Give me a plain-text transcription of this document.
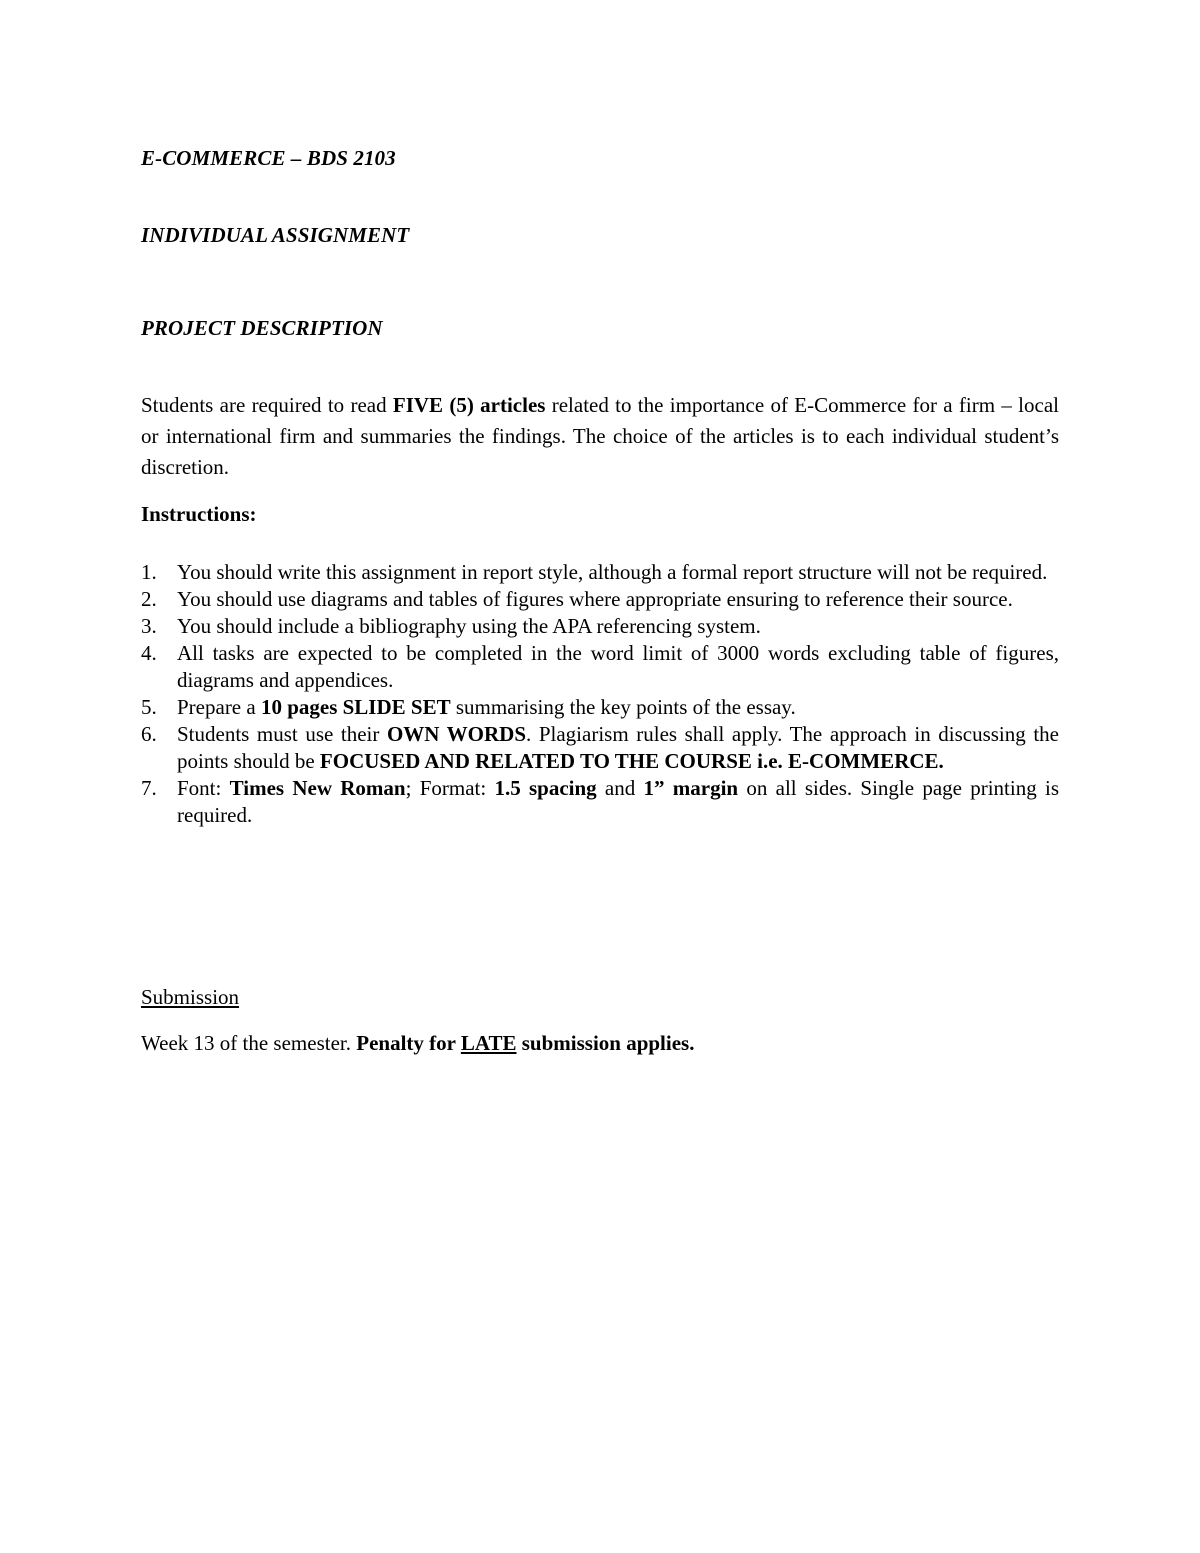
E-COMMERCE – BDS 2103
INDIVIDUAL ASSIGNMENT
PROJECT DESCRIPTION
Students are required to read FIVE (5) articles related to the importance of E-Commerce for a firm – local or international firm and summaries the findings. The choice of the articles is to each individual student’s discretion.
Instructions:
1. You should write this assignment in report style, although a formal report structure will not be required.
2. You should use diagrams and tables of figures where appropriate ensuring to reference their source.
3. You should include a bibliography using the APA referencing system.
4. All tasks are expected to be completed in the word limit of 3000 words excluding table of figures, diagrams and appendices.
5. Prepare a 10 pages SLIDE SET summarising the key points of the essay.
6. Students must use their OWN WORDS. Plagiarism rules shall apply. The approach in discussing the points should be FOCUSED AND RELATED TO THE COURSE i.e. E-COMMERCE.
7. Font: Times New Roman; Format: 1.5 spacing and 1” margin on all sides. Single page printing is required.
Submission
Week 13 of the semester. Penalty for LATE submission applies.
